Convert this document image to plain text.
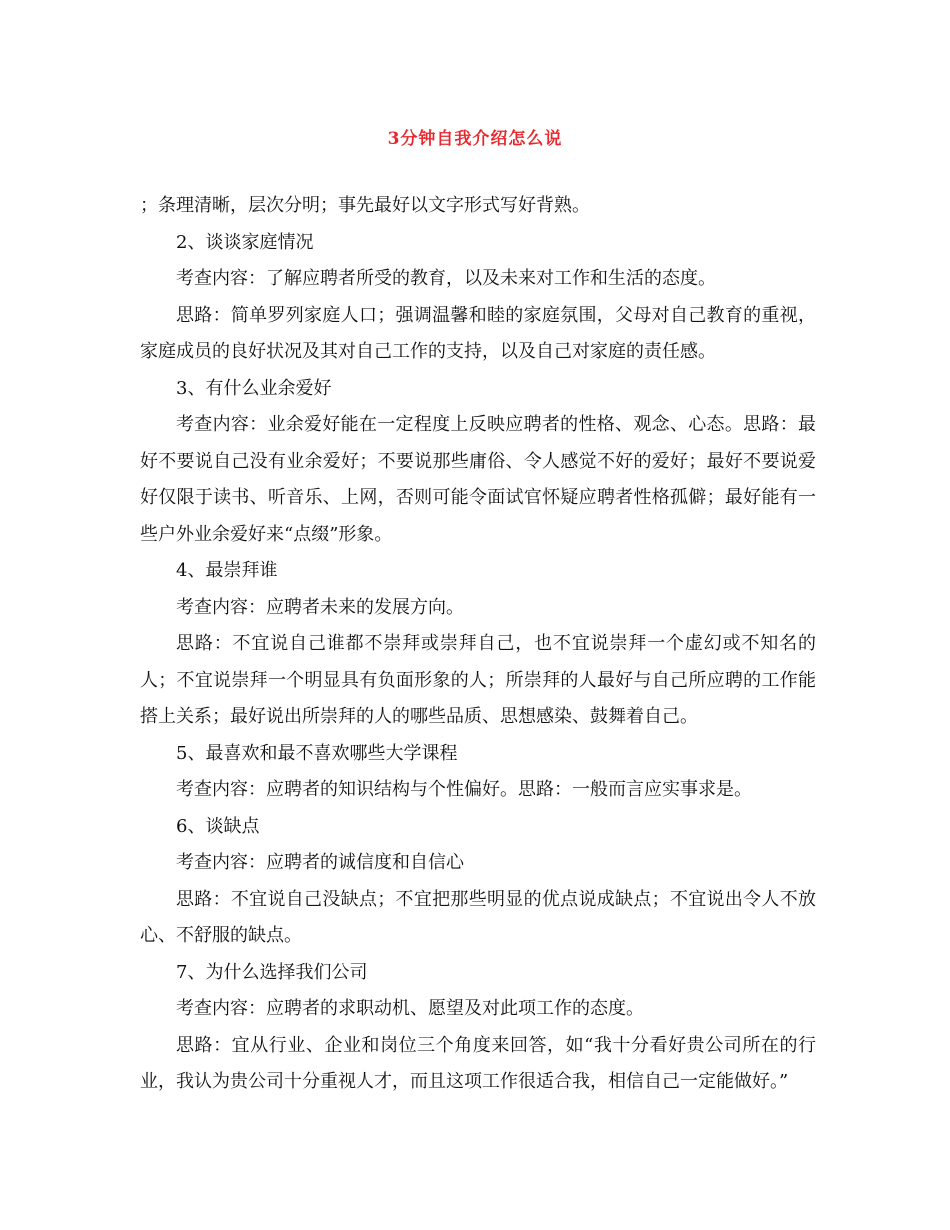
3分钟自我介绍怎么说

；条理清晰，层次分明；事先最好以文字形式写好背熟。

2、谈谈家庭情况

考查内容：了解应聘者所受的教育，以及未来对工作和生活的态度。

思路：简单罗列家庭人口；强调温馨和睦的家庭氛围，父母对自己教育的重视，家庭成员的良好状况及其对自己工作的支持，以及自己对家庭的责任感。

3、有什么业余爱好

考查内容：业余爱好能在一定程度上反映应聘者的性格、观念、心态。思路：最好不要说自己没有业余爱好；不要说那些庸俗、令人感觉不好的爱好；最好不要说爱好仅限于读书、听音乐、上网，否则可能令面试官怀疑应聘者性格孤僻；最好能有一些户外业余爱好来“点缀”形象。

4、最崇拜谁

考查内容：应聘者未来的发展方向。

思路：不宜说自己谁都不崇拜或崇拜自己，也不宜说崇拜一个虚幻或不知名的人；不宜说崇拜一个明显具有负面形象的人；所崇拜的人最好与自己所应聘的工作能搭上关系；最好说出所崇拜的人的哪些品质、思想感染、鼓舞着自己。

5、最喜欢和最不喜欢哪些大学课程

考查内容：应聘者的知识结构与个性偏好。思路：一般而言应实事求是。

6、谈缺点

考查内容：应聘者的诚信度和自信心

思路：不宜说自己没缺点；不宜把那些明显的优点说成缺点；不宜说出令人不放心、不舒服的缺点。

7、为什么选择我们公司

考查内容：应聘者的求职动机、愿望及对此项工作的态度。

思路：宜从行业、企业和岗位三个角度来回答，如“我十分看好贵公司所在的行业，我认为贵公司十分重视人才，而且这项工作很适合我，相信自己一定能做好。”
